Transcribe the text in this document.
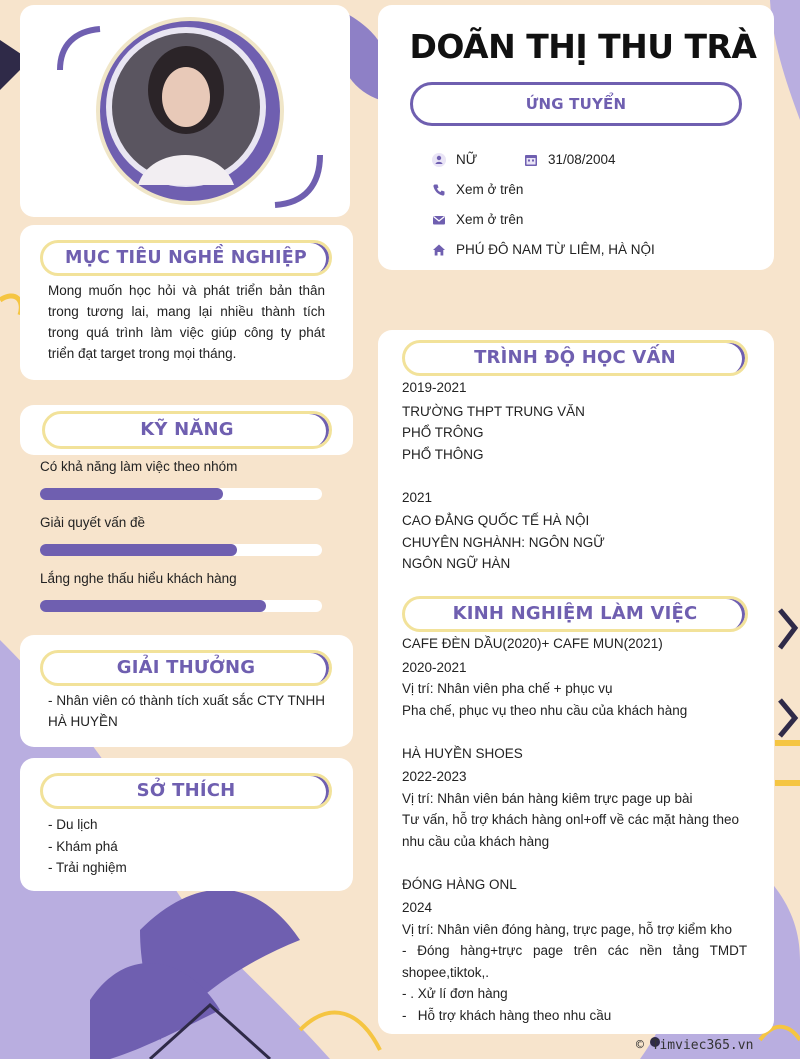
DOÃN THỊ THU TRÀ
ỨNG TUYỂN
NỮ	31/08/2004
Xem ở trên
Xem ở trên
PHÚ ĐÔ NAM TỪ LIÊM, HÀ NỘI
MỤC TIÊU NGHỀ NGHIỆP
Mong muốn học hỏi và phát triển bản thân trong tương lai, mang lại nhiều thành tích trong quá trình làm việc giúp công ty phát triển đạt target trong mọi tháng.
KỸ NĂNG
Có khả năng làm việc theo nhóm
Giải quyết vấn đề
Lắng nghe thấu hiểu khách hàng
GIẢI THƯỞNG
- Nhân viên có thành tích xuất sắc CTY TNHH HÀ HUYỀN
SỞ THÍCH
- Du lịch
- Khám phá
- Trải nghiệm
TRÌNH ĐỘ HỌC VẤN
2019-2021
TRƯỜNG THPT TRUNG VĂN
PHỔ TRÔNG
PHỔ THÔNG
2021
CAO ĐẲNG QUỐC TẾ HÀ NỘI
CHUYÊN NGHÀNH: NGÔN NGỮ
NGÔN NGỮ HÀN
KINH NGHIỆM LÀM VIỆC
CAFE ĐÈN DẦU(2020)+ CAFE MUN(2021)
2020-2021
Vị trí: Nhân viên pha chế + phục vụ
Pha chế, phục vụ theo nhu cầu của khách hàng
HÀ HUYỀN SHOES
2022-2023
Vị trí: Nhân viên bán hàng kiêm trực page up bài
Tư vấn, hỗ trợ khách hàng onl+off về các mặt hàng theo
nhu cầu của khách hàng
ĐÓNG HÀNG ONL
2024
Vị trí: Nhân viên đóng hàng, trực page, hỗ trợ kiểm kho
- Đóng hàng+trực page trên các nền tảng TMDT
shopee,tiktok,.
- . Xử lí đơn hàng
-   Hỗ trợ khách hàng theo nhu cầu
© Timviec365.vn
